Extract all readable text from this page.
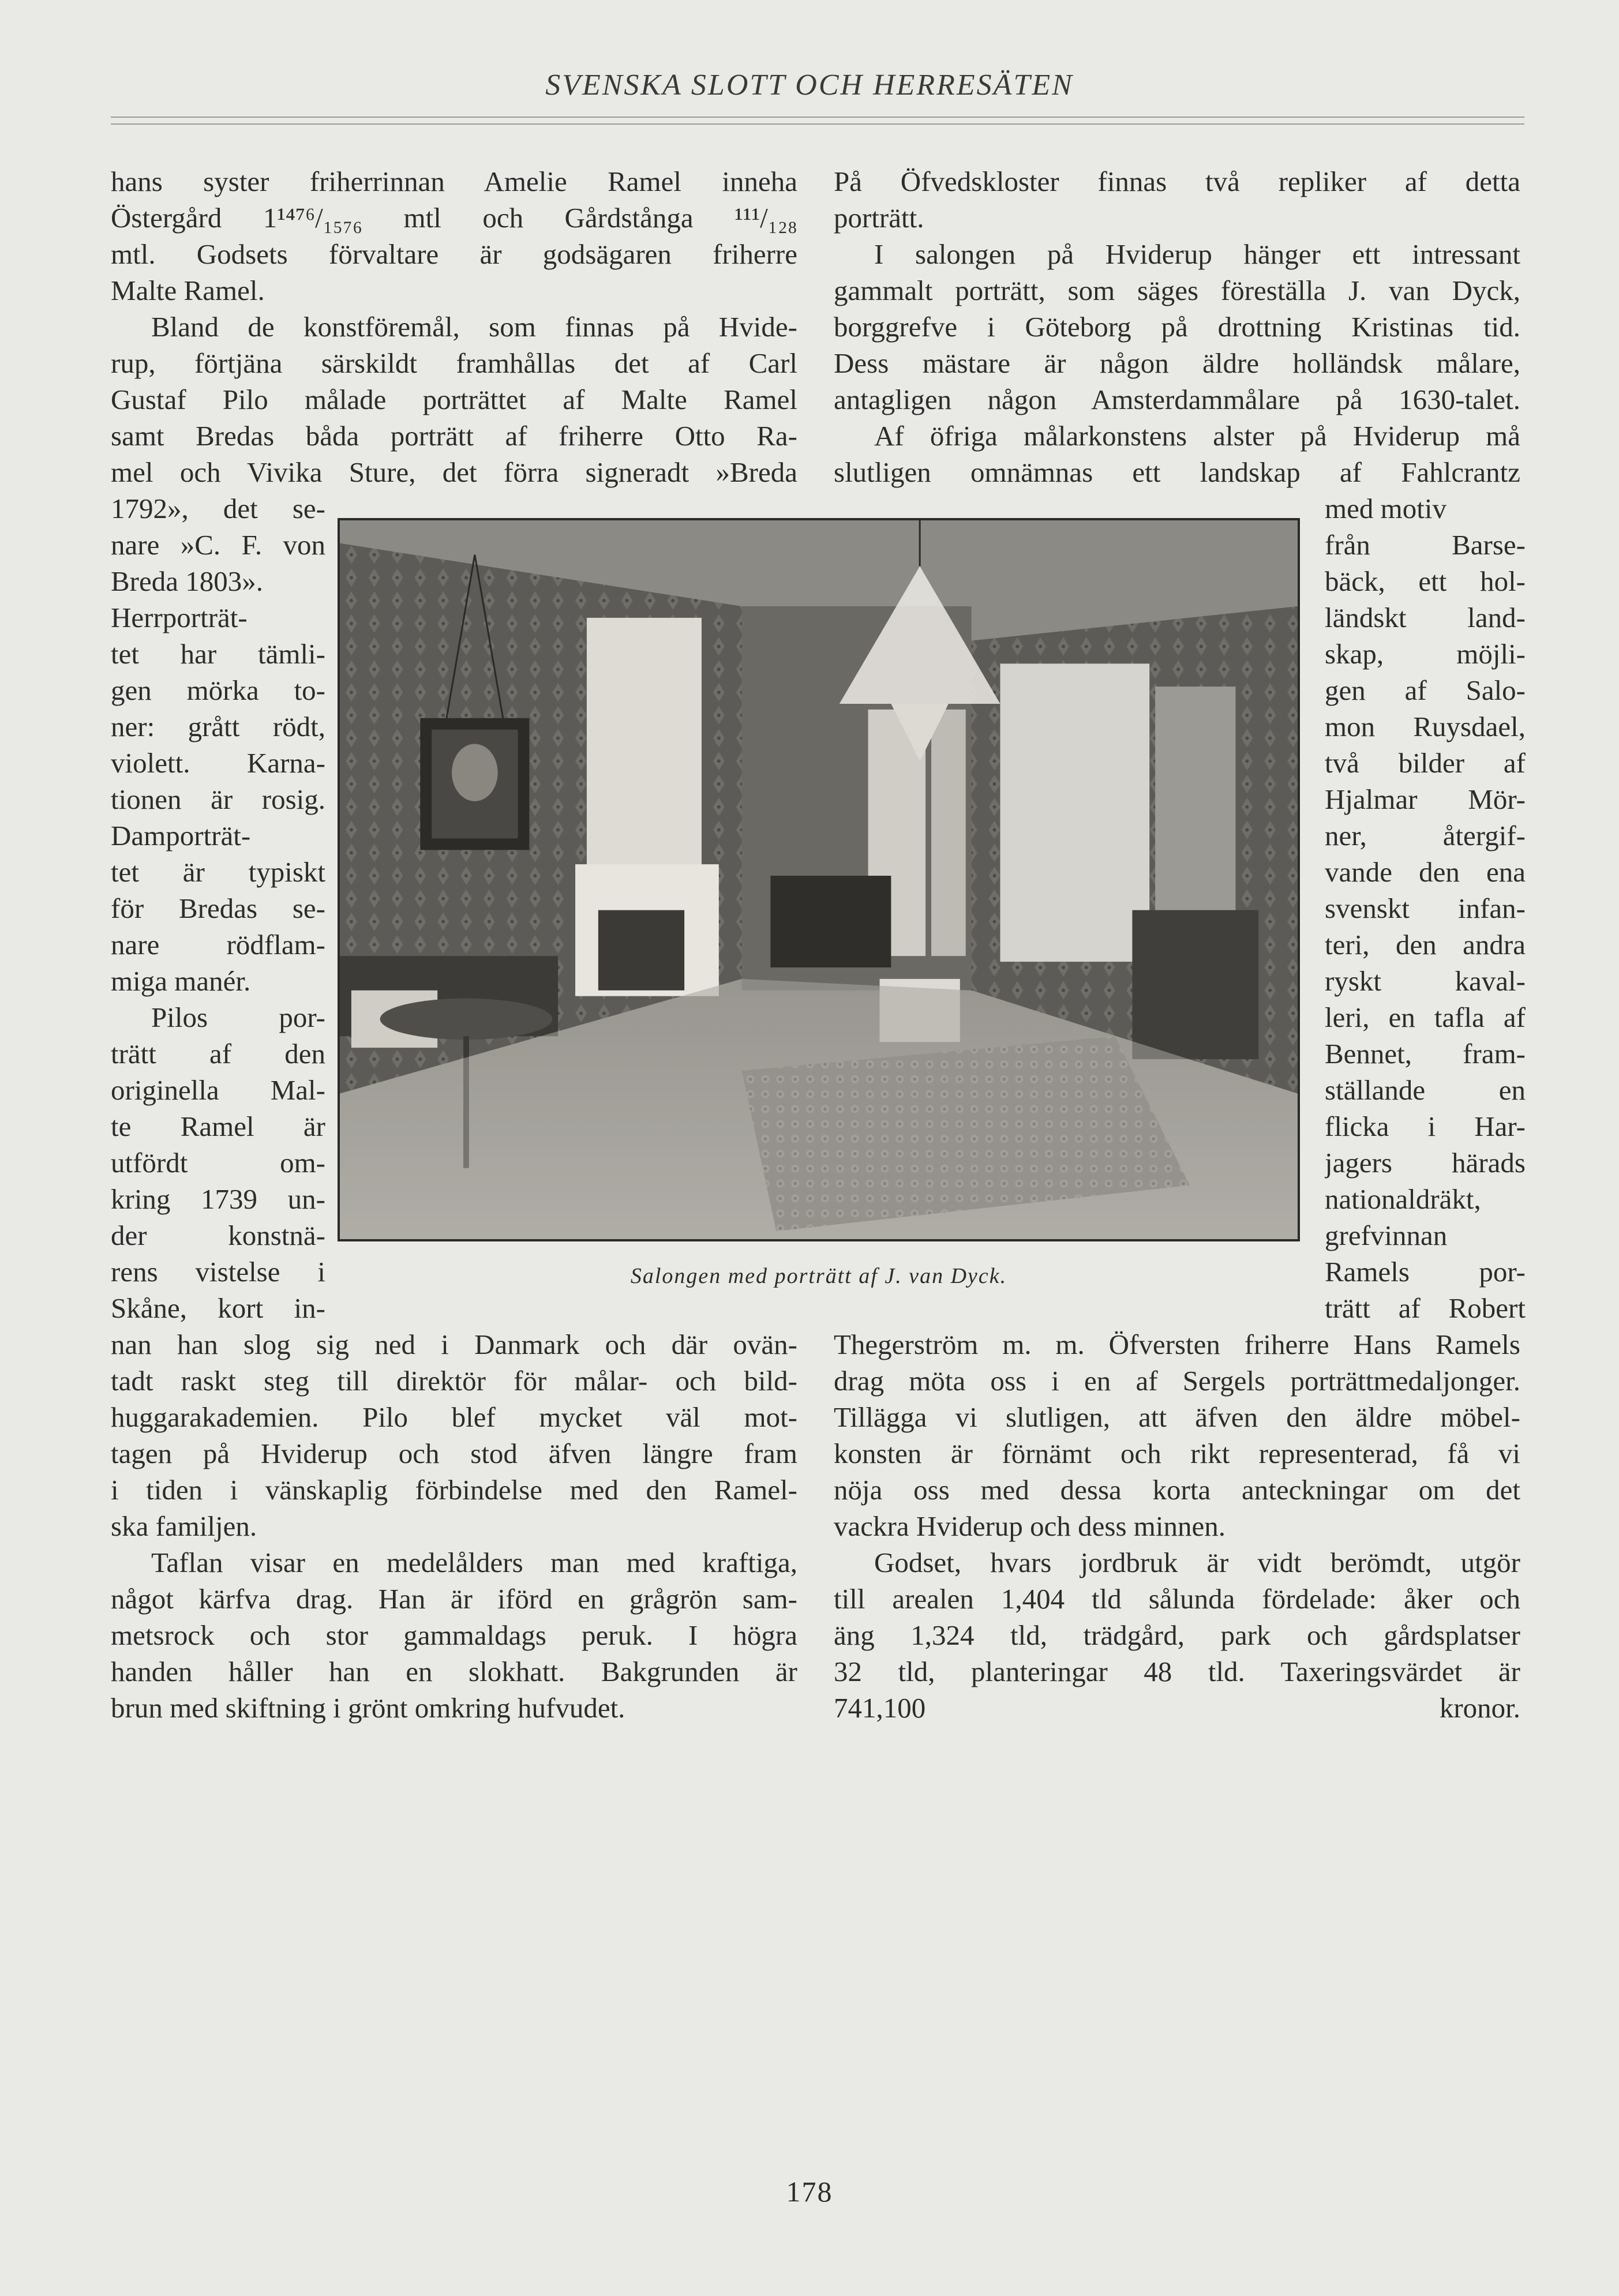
SVENSKA SLOTT OCH HERRESÄTEN
hans syster friherrinnan Amelie Ramel inneha
Östergård 1¹⁴⁷⁶/₁₅₇₆ mtl och Gårdstånga ¹¹¹/₁₂₈
mtl. Godsets förvaltare är godsägaren friherre
Malte Ramel.
Bland de konstföremål, som finnas på Hvide-
rup, förtjäna särskildt framhållas det af Carl
Gustaf Pilo målade porträttet af Malte Ramel
samt Bredas båda porträtt af friherre Otto Ra-
mel och Vivika Sture, det förra signeradt »Breda
1792», det se-
nare »C. F. von
Breda 1803».
Herrporträt-
tet har tämli-
gen mörka to-
ner: grått rödt,
violett. Karna-
tionen är rosig.
Damporträt-
tet är typiskt
för Bredas se-
nare rödflam-
miga manér.
Pilos por-
trätt af den
originella Mal-
te Ramel är
utfördt om-
kring 1739 un-
der konstnä-
rens vistelse i
Skåne, kort in-
nan han slog sig ned i Danmark och där ovän-
tadt raskt steg till direktör för målar- och bild-
huggarakademien. Pilo blef mycket väl mot-
tagen på Hviderup och stod äfven längre fram
i tiden i vänskaplig förbindelse med den Ramel-
ska familjen.
Taflan visar en medelålders man med kraftiga,
något kärfva drag. Han är iförd en grågrön sam-
metsrock och stor gammaldags peruk. I högra
handen håller han en slokhatt. Bakgrunden är
brun med skiftning i grönt omkring hufvudet.
På Öfvedskloster finnas två repliker af detta
porträtt.
I salongen på Hviderup hänger ett intressant
gammalt porträtt, som säges föreställa J. van Dyck,
borggrefve i Göteborg på drottning Kristinas tid.
Dess mästare är någon äldre holländsk målare,
antagligen någon Amsterdammålare på 1630-talet.
Af öfriga målarkonstens alster på Hviderup må
slutligen omnämnas ett landskap af Fahlcrantz
med motiv
från Barse-
bäck, ett hol-
ländskt land-
skap, möjli-
gen af Salo-
mon Ruysdael,
två bilder af
Hjalmar Mör-
ner, återgif-
vande den ena
svenskt infan-
teri, den andra
ryskt kaval-
leri, en tafla af
Bennet, fram-
ställande en
flicka i Har-
jagers härads
nationaldräkt,
grefvinnan
Ramels por-
trätt af Robert
Thegerström m. m. Öfversten friherre Hans Ramels
drag möta oss i en af Sergels porträttmedaljonger.
Tillägga vi slutligen, att äfven den äldre möbel-
konsten är förnämt och rikt representerad, få vi
nöja oss med dessa korta anteckningar om det
vackra Hviderup och dess minnen.
Godset, hvars jordbruk är vidt berömdt, utgör
till arealen 1,404 tld sålunda fördelade: åker och
äng 1,324 tld, trädgård, park och gårdsplatser
32 tld, planteringar 48 tld. Taxeringsvärdet är
741,100 kronor.
Salongen med porträtt af J. van Dyck.
178
